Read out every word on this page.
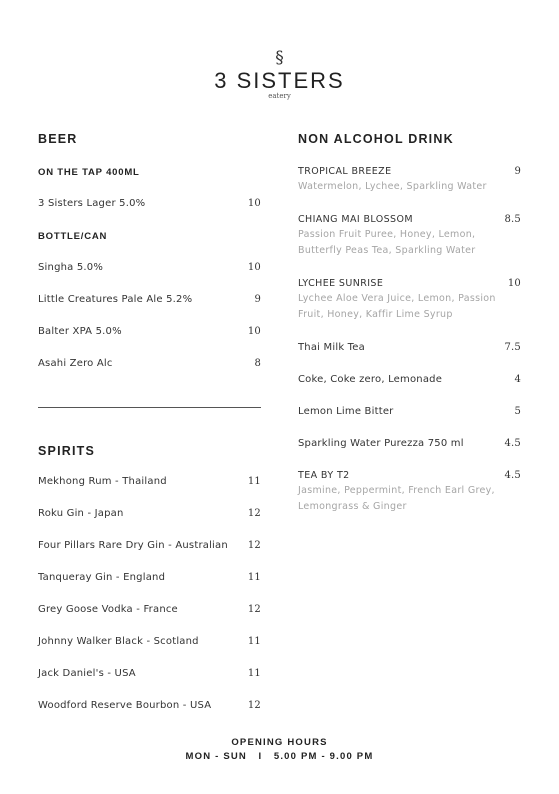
§
3 SISTERS
eatery
BEER
ON THE TAP 400ML
3 Sisters Lager 5.0%	10
BOTTLE/CAN
Singha 5.0%	10
Little Creatures Pale Ale 5.2%	9
Balter XPA 5.0%	10
Asahi Zero Alc	8
SPIRITS
Mekhong Rum - Thailand	11
Roku Gin - Japan	12
Four Pillars Rare Dry Gin - Australian 12
Tanqueray Gin - England	11
Grey Goose Vodka - France	12
Johnny Walker Black - Scotland	11
Jack Daniel's - USA	11
Woodford Reserve Bourbon - USA	12
NON ALCOHOL DRINK
TROPICAL BREEZE	9
Watermelon, Lychee, Sparkling Water
CHIANG MAI BLOSSOM	8.5
Passion Fruit Puree, Honey, Lemon, Butterfly Peas Tea, Sparkling Water
LYCHEE SUNRISE	10
Lychee Aloe Vera Juice, Lemon, Passion Fruit, Honey, Kaffir Lime Syrup
Thai Milk Tea	7.5
Coke, Coke zero, Lemonade	4
Lemon Lime Bitter	5
Sparkling Water Purezza 750 ml	4.5
TEA BY T2	4.5
Jasmine, Peppermint, French Earl Grey, Lemongrass & Ginger
OPENING HOURS
MON - SUN   I   5.00 PM - 9.00 PM
